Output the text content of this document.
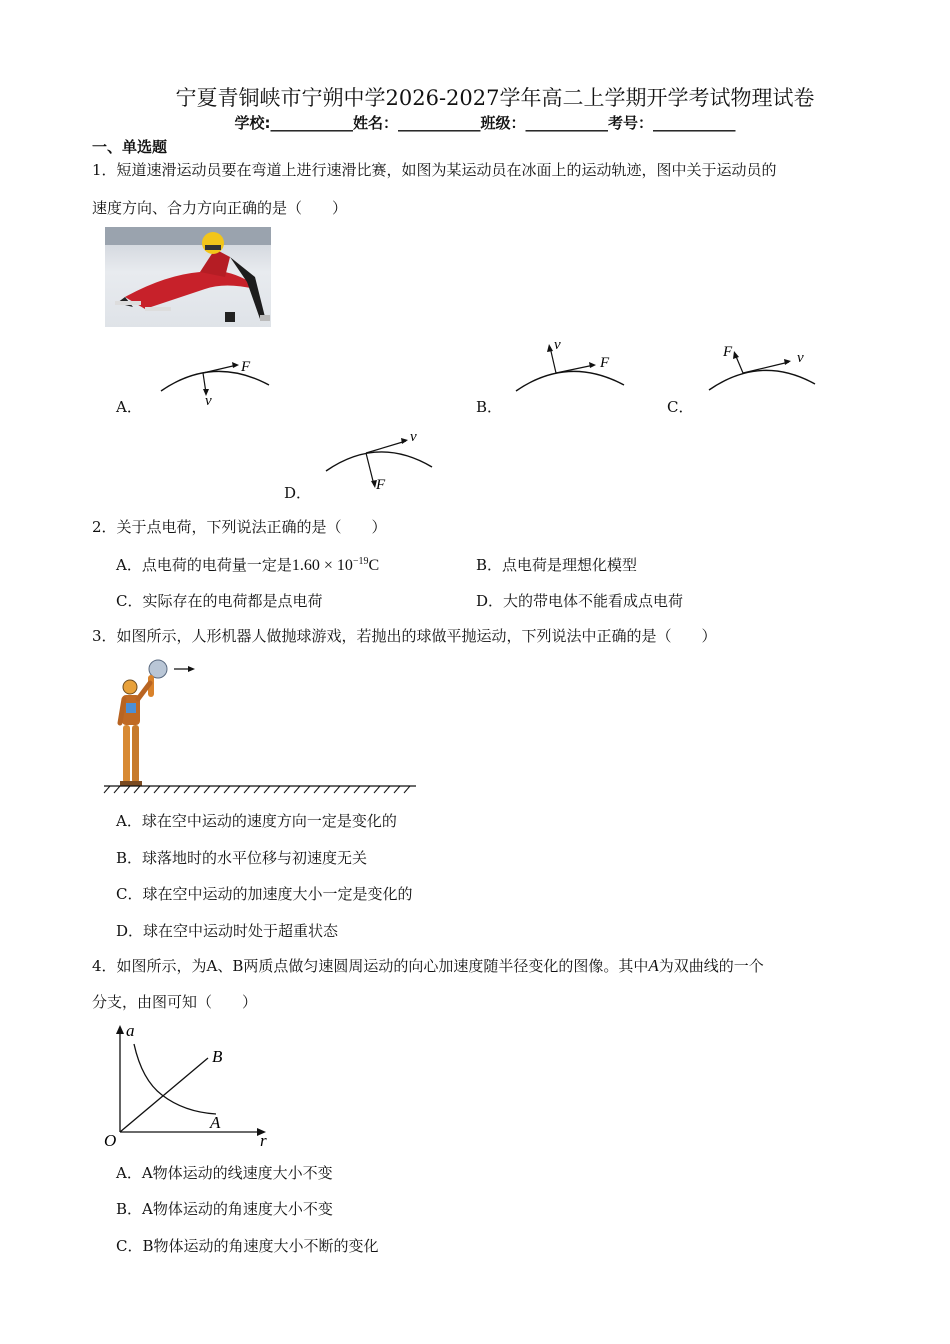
宁夏青铜峡市宁朔中学2026-2027学年高二上学期开学考试物理试卷
学校:___________姓名：___________班级：___________考号：___________
一、单选题
1．短道速滑运动员要在弯道上进行速滑比赛，如图为某运动员在冰面上的运动轨迹，图中关于运动员的
速度方向、合力方向正确的是（　　）
A．
F
v	B．
F
v
C．
F	v
D．
v
F
2．关于点电荷，下列说法正确的是（　　）
A．点电荷的电荷量一定是$1.60 \times 10^{-19}C$	B．点电荷是理想化模型
C．实际存在的电荷都是点电荷	D．大的带电体不能看成点电荷
3．如图所示，人形机器人做抛球游戏，若抛出的球做平抛运动，下列说法中正确的是（　　）
A．球在空中运动的速度方向一定是变化的
B．球落地时的水平位移与初速度无关
C．球在空中运动的加速度大小一定是变化的
D．球在空中运动时处于超重状态
4．如图所示，为A、B两质点做匀速圆周运动的向心加速度随半径变化的图像。其中A为双曲线的一个
分支，由图可知（　　）
a
r
O
A
B
A．A物体运动的线速度大小不变
B．A物体运动的角速度大小不变
C．B物体运动的角速度大小不断的变化
